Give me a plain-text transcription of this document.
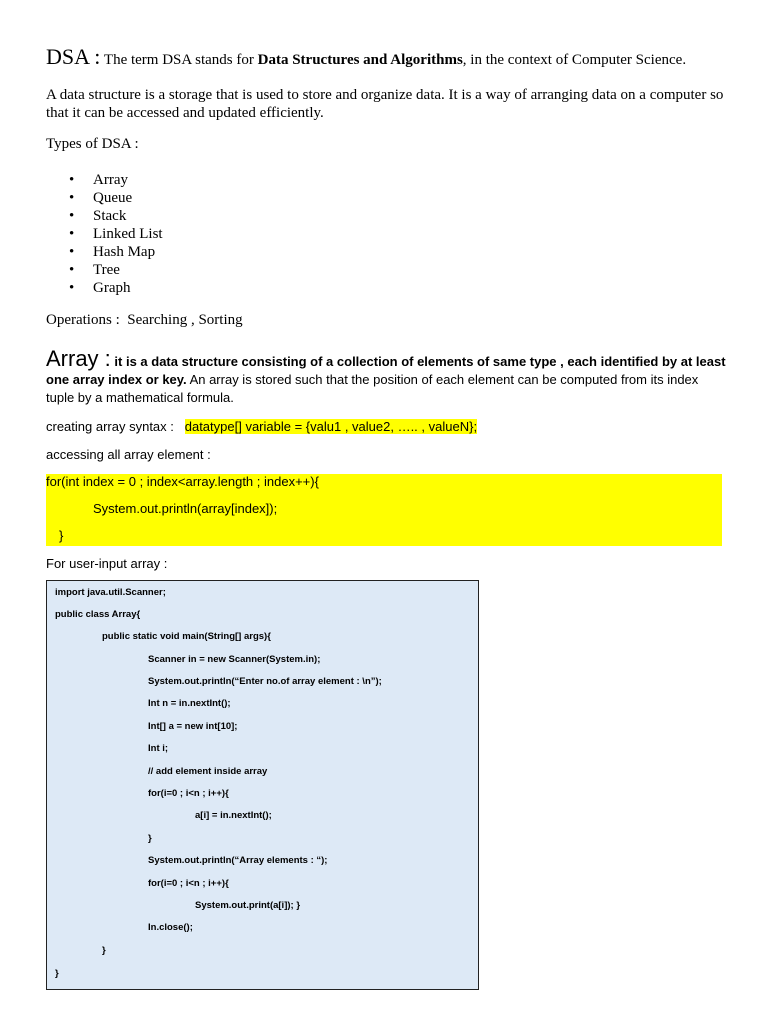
DSA : The term DSA stands for Data Structures and Algorithms, in the context of Computer Science.
A data structure is a storage that is used to store and organize data. It is a way of arranging data on a computer so that it can be accessed and updated efficiently.
Types of DSA :
• Array
• Queue
• Stack
• Linked List
• Hash Map
• Tree
• Graph
Operations : Searching , Sorting
Array : it is a data structure consisting of a collection of elements of same type , each identified by at least one array index or key. An array is stored such that the position of each element can be computed from its index tuple by a mathematical formula.
creating array syntax : datatype[] variable = {valu1 , value2, ….. , valueN};
accessing all array element :
for(int index = 0 ; index<array.length ; index++){
System.out.println(array[index]);
}
For user-input array :
import java.util.Scanner;
public class Array{
public static void main(String[] args){
Scanner in = new Scanner(System.in);
System.out.println(“Enter no.of array element : \n”);
Int n = in.nextInt();
Int[] a = new int[10];
Int i;
// add element inside array
for(i=0 ; i<n ; i++){
a[i] = in.nextInt();
}
System.out.println(“Array elements : “);
for(i=0 ; i<n ; i++){
System.out.print(a[i]); }
In.close();
}
}
